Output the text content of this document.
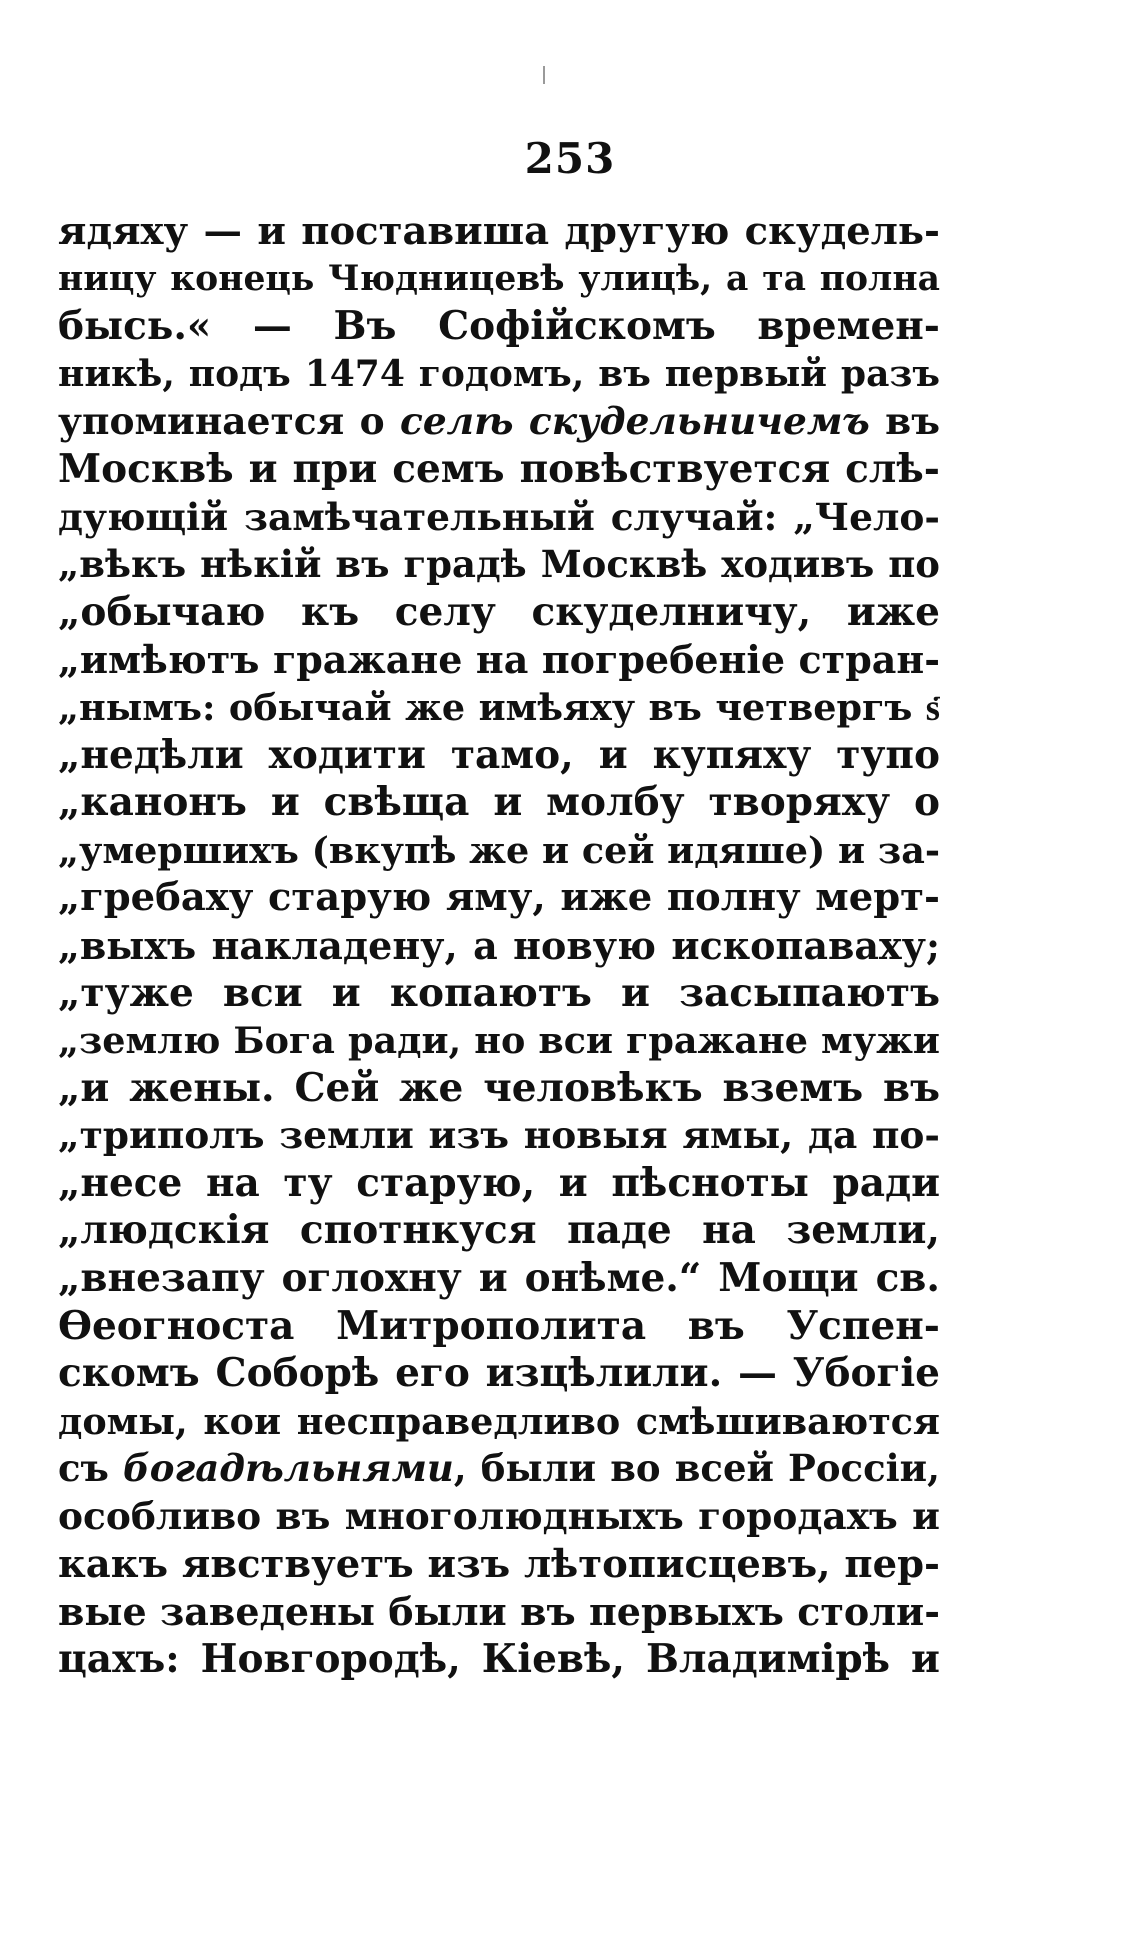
253
ядяху — и поставиша другую скудель-
ницу конець Чюдницевѣ улицѣ, а та полна
бысь.« — Въ Софійскомъ времен-
никѣ, подъ 1474 годомъ, въ первый разъ
упоминается о селѣ скудельничемъ въ
Москвѣ и при семъ повѣствуется слѣ-
дующій замѣчательный случай: „Чело-
„вѣкъ нѣкій въ градѣ Москвѣ ходивъ по
„обычаю къ селу скуделничу, иже
„имѣютъ гражане на погребеніе стран-
„нымъ: обычай же имѣяху въ четвергъ ѕ҃
„недѣли ходити тамо, и купяху тупо
„канонъ и свѣща и молбу творяху о
„умершихъ (вкупѣ же и сей идяше) и за-
„гребаху старую яму, иже полну мерт-
„выхъ накладену, а новую ископаваху;
„туже вси и копаютъ и засыпаютъ
„землю Бога ради, но вси гражане мужи
„и жены. Сей же человѣкъ вземъ въ
„триполъ земли изъ новыя ямы, да по-
„несе на ту старую, и пѣсноты ради
„людскія спотнкуся паде на земли,
„внезапу оглохну и онѣме.“ Мощи св.
Ѳеогноста Митрополита въ Успен-
скомъ Соборѣ его изцѣлили. — Убогіе
домы, кои несправедливо смѣшиваются
съ богадѣльнями, были во всей Россіи,
особливо въ многолюдныхъ городахъ и
какъ явствуетъ изъ лѣтописцевъ, пер-
вые заведены были въ первыхъ столи-
цахъ: Новгородѣ, Кіевѣ, Владимірѣ и
